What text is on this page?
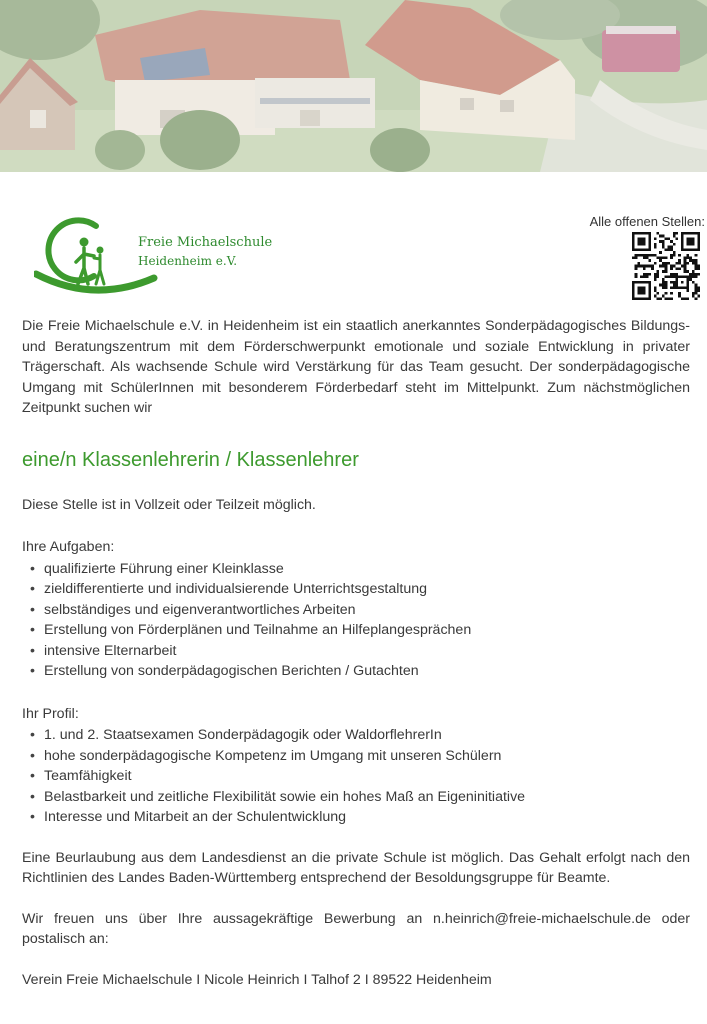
Freie Michaelschule
Heidenheim e.V.
Alle offenen Stellen:

Die Freie Michaelschule e.V. in Heidenheim ist ein staatlich anerkanntes Sonderpädagogisches Bildungs- und Beratungszentrum mit dem Förderschwerpunkt emotionale und soziale Entwicklung in privater Trägerschaft. Als wachsende Schule wird Verstärkung für das Team gesucht. Der sonderpädagogische Umgang mit SchülerInnen mit besonderem Förderbedarf steht im Mittelpunkt. Zum nächstmöglichen Zeitpunkt suchen wir

eine/n Klassenlehrerin / Klassenlehrer

Diese Stelle ist in Vollzeit oder Teilzeit möglich.

Ihre Aufgaben:
• qualifizierte Führung einer Kleinklasse
• zieldifferentierte und individualsierende Unterrichtsgestaltung
• selbständiges und eigenverantwortliches Arbeiten
• Erstellung von Förderplänen und Teilnahme an Hilfeplangesprächen
• intensive Elternarbeit
• Erstellung von sonderpädagogischen Berichten / Gutachten
Ihr Profil:
• 1. und 2. Staatsexamen Sonderpädagogik oder WaldorflehrerIn
• hohe sonderpädagogische Kompetenz im Umgang mit unseren Schülern
• Teamfähigkeit
• Belastbarkeit und zeitliche Flexibilität sowie ein hohes Maß an Eigeninitiative
• Interesse und Mitarbeit an der Schulentwicklung

Eine Beurlaubung aus dem Landesdienst an die private Schule ist möglich. Das Gehalt erfolgt nach den Richtlinien des Landes Baden-Württemberg entsprechend der Besoldungsgruppe für Beamte.

Wir freuen uns über Ihre aussagekräftige Bewerbung an n.heinrich@freie-michaelschule.de oder postalisch an:

Verein Freie Michaelschule I Nicole Heinrich I Talhof 2 I 89522 Heidenheim
